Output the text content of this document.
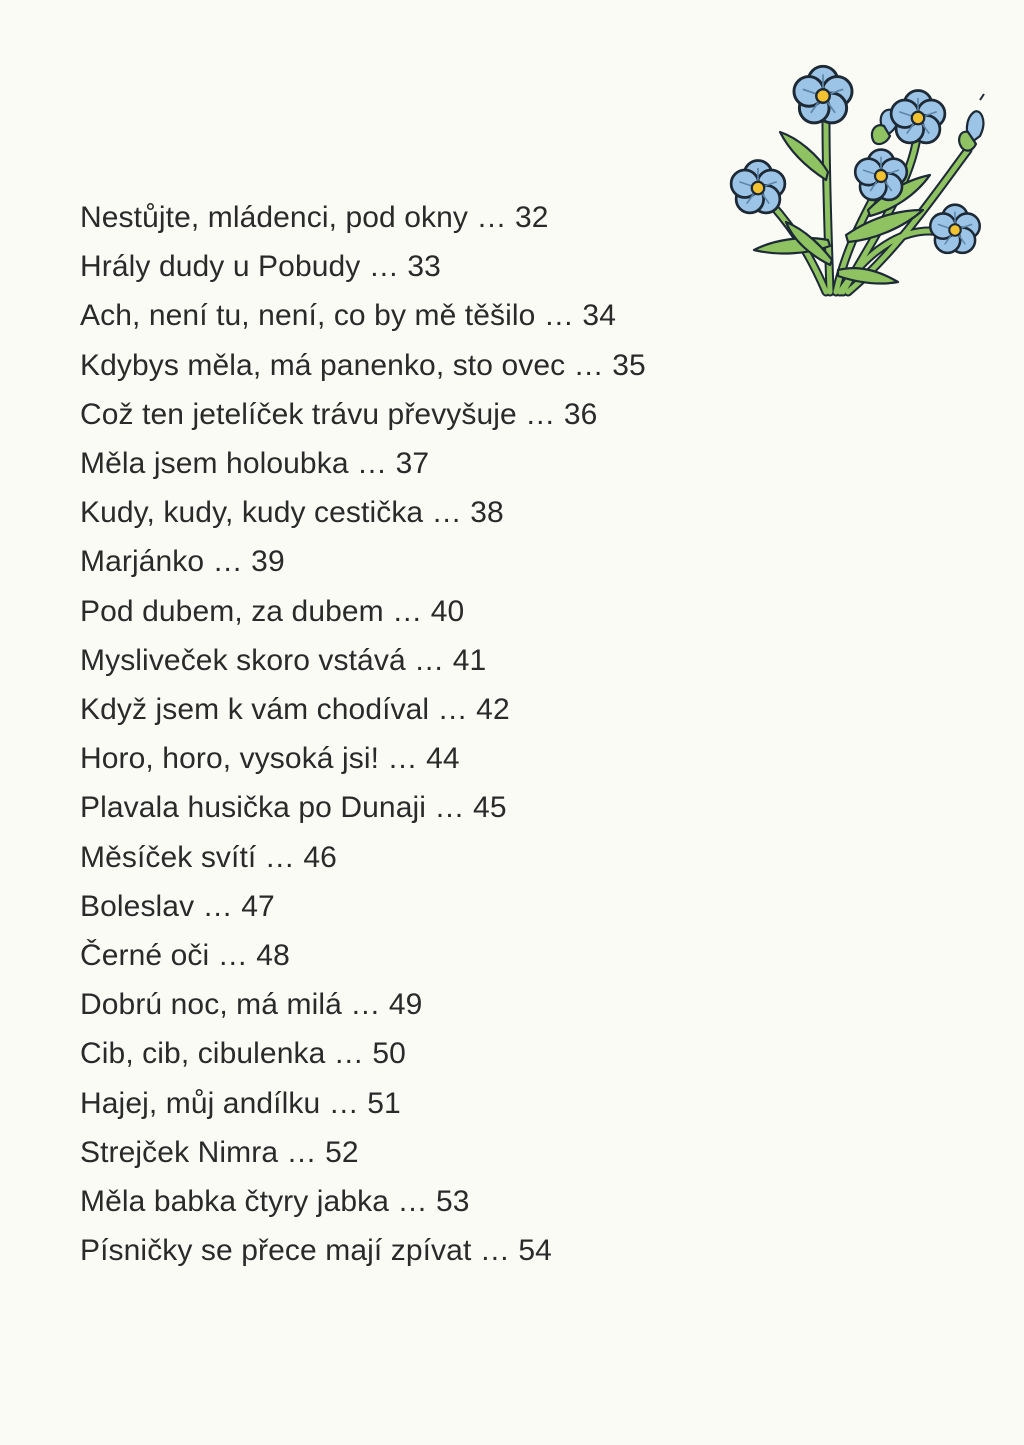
Nestůjte, mládenci, pod okny … 32
Hrály dudy u Pobudy … 33
Ach, není tu, není, co by mě těšilo … 34
Kdybys měla, má panenko, sto ovec … 35
Což ten jetelíček trávu převyšuje … 36
Měla jsem holoubka … 37
Kudy, kudy, kudy cestička … 38
Marjánko … 39
Pod dubem, za dubem … 40
Mysliveček skoro vstává … 41
Když jsem k vám chodíval … 42
Horo, horo, vysoká jsi! … 44
Plavala husička po Dunaji … 45
Měsíček svítí … 46
Boleslav … 47
Černé oči … 48
Dobrú noc, má milá … 49
Cib, cib, cibulenka … 50
Hajej, můj andílku … 51
Strejček Nimra … 52
Měla babka čtyry jabka … 53
Písničky se přece mají zpívat … 54
